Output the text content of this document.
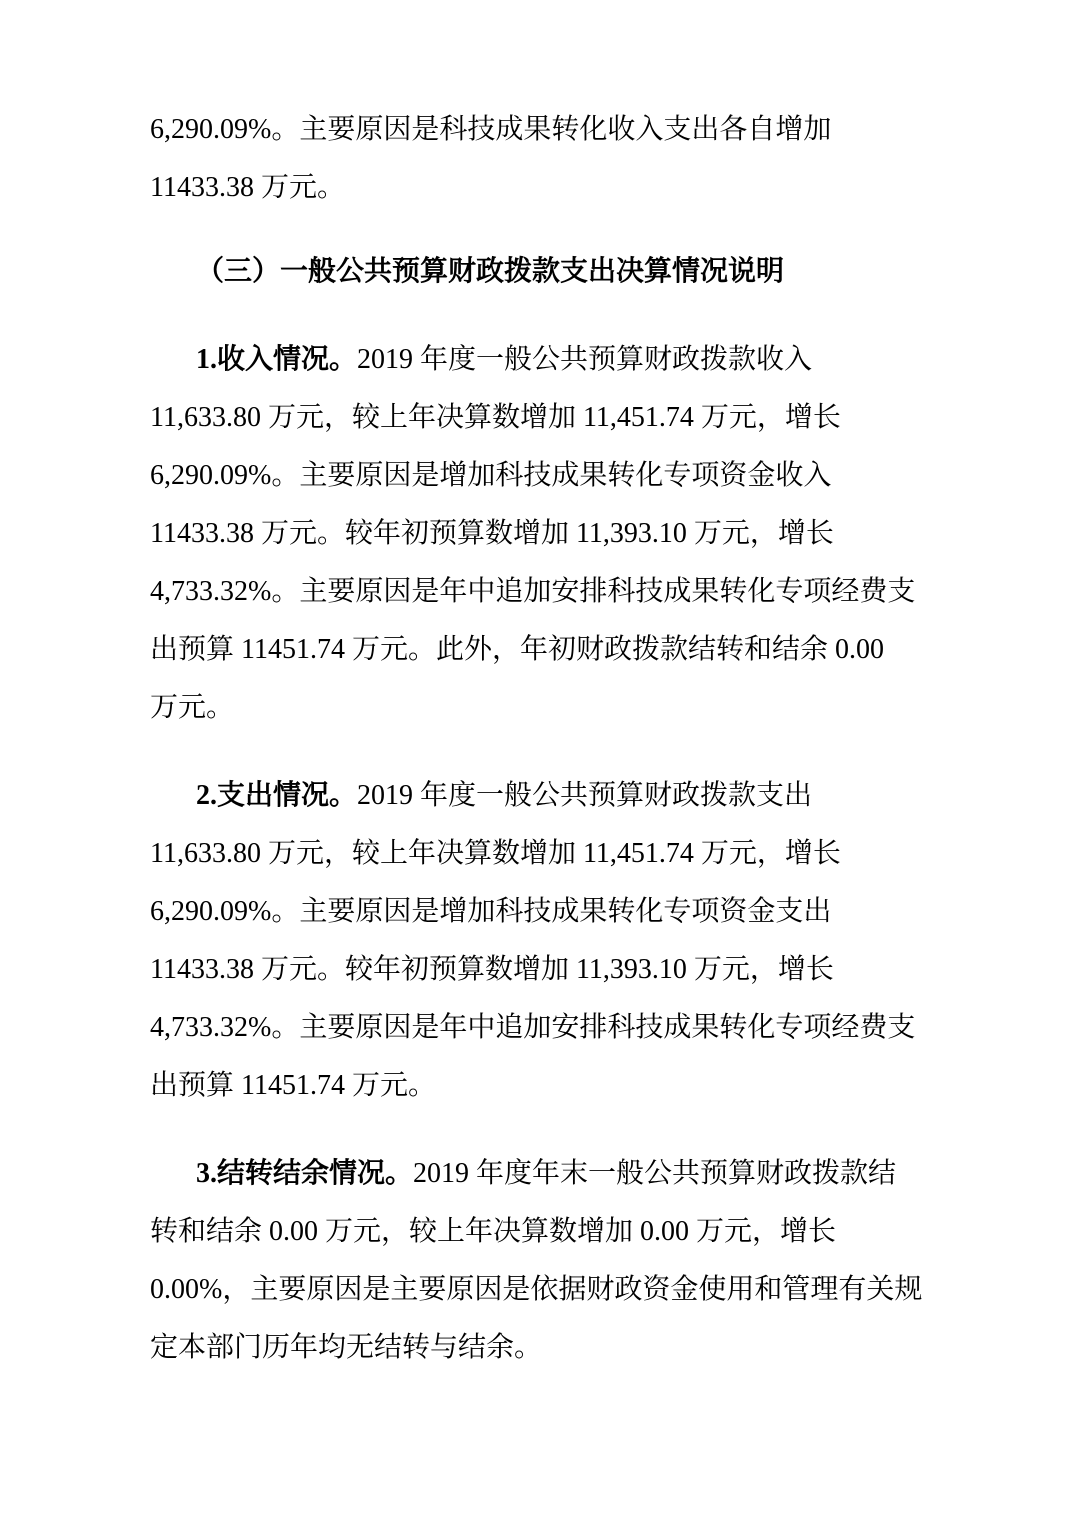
6,290.09%。主要原因是科技成果转化收入支出各自增加
11433.38 万元。
（三）一般公共预算财政拨款支出决算情况说明
1.收入情况。2019 年度一般公共预算财政拨款收入
11,633.80 万元，较上年决算数增加 11,451.74 万元，增长
6,290.09%。主要原因是增加科技成果转化专项资金收入
11433.38 万元。较年初预算数增加 11,393.10 万元，增长
4,733.32%。主要原因是年中追加安排科技成果转化专项经费支
出预算 11451.74 万元。此外，年初财政拨款结转和结余 0.00
万元。
2.支出情况。2019 年度一般公共预算财政拨款支出
11,633.80 万元，较上年决算数增加 11,451.74 万元，增长
6,290.09%。主要原因是增加科技成果转化专项资金支出
11433.38 万元。较年初预算数增加 11,393.10 万元，增长
4,733.32%。主要原因是年中追加安排科技成果转化专项经费支
出预算 11451.74 万元。
3.结转结余情况。2019 年度年末一般公共预算财政拨款结
转和结余 0.00 万元，较上年决算数增加 0.00 万元，增长
0.00%，主要原因是主要原因是依据财政资金使用和管理有关规
定本部门历年均无结转与结余。
